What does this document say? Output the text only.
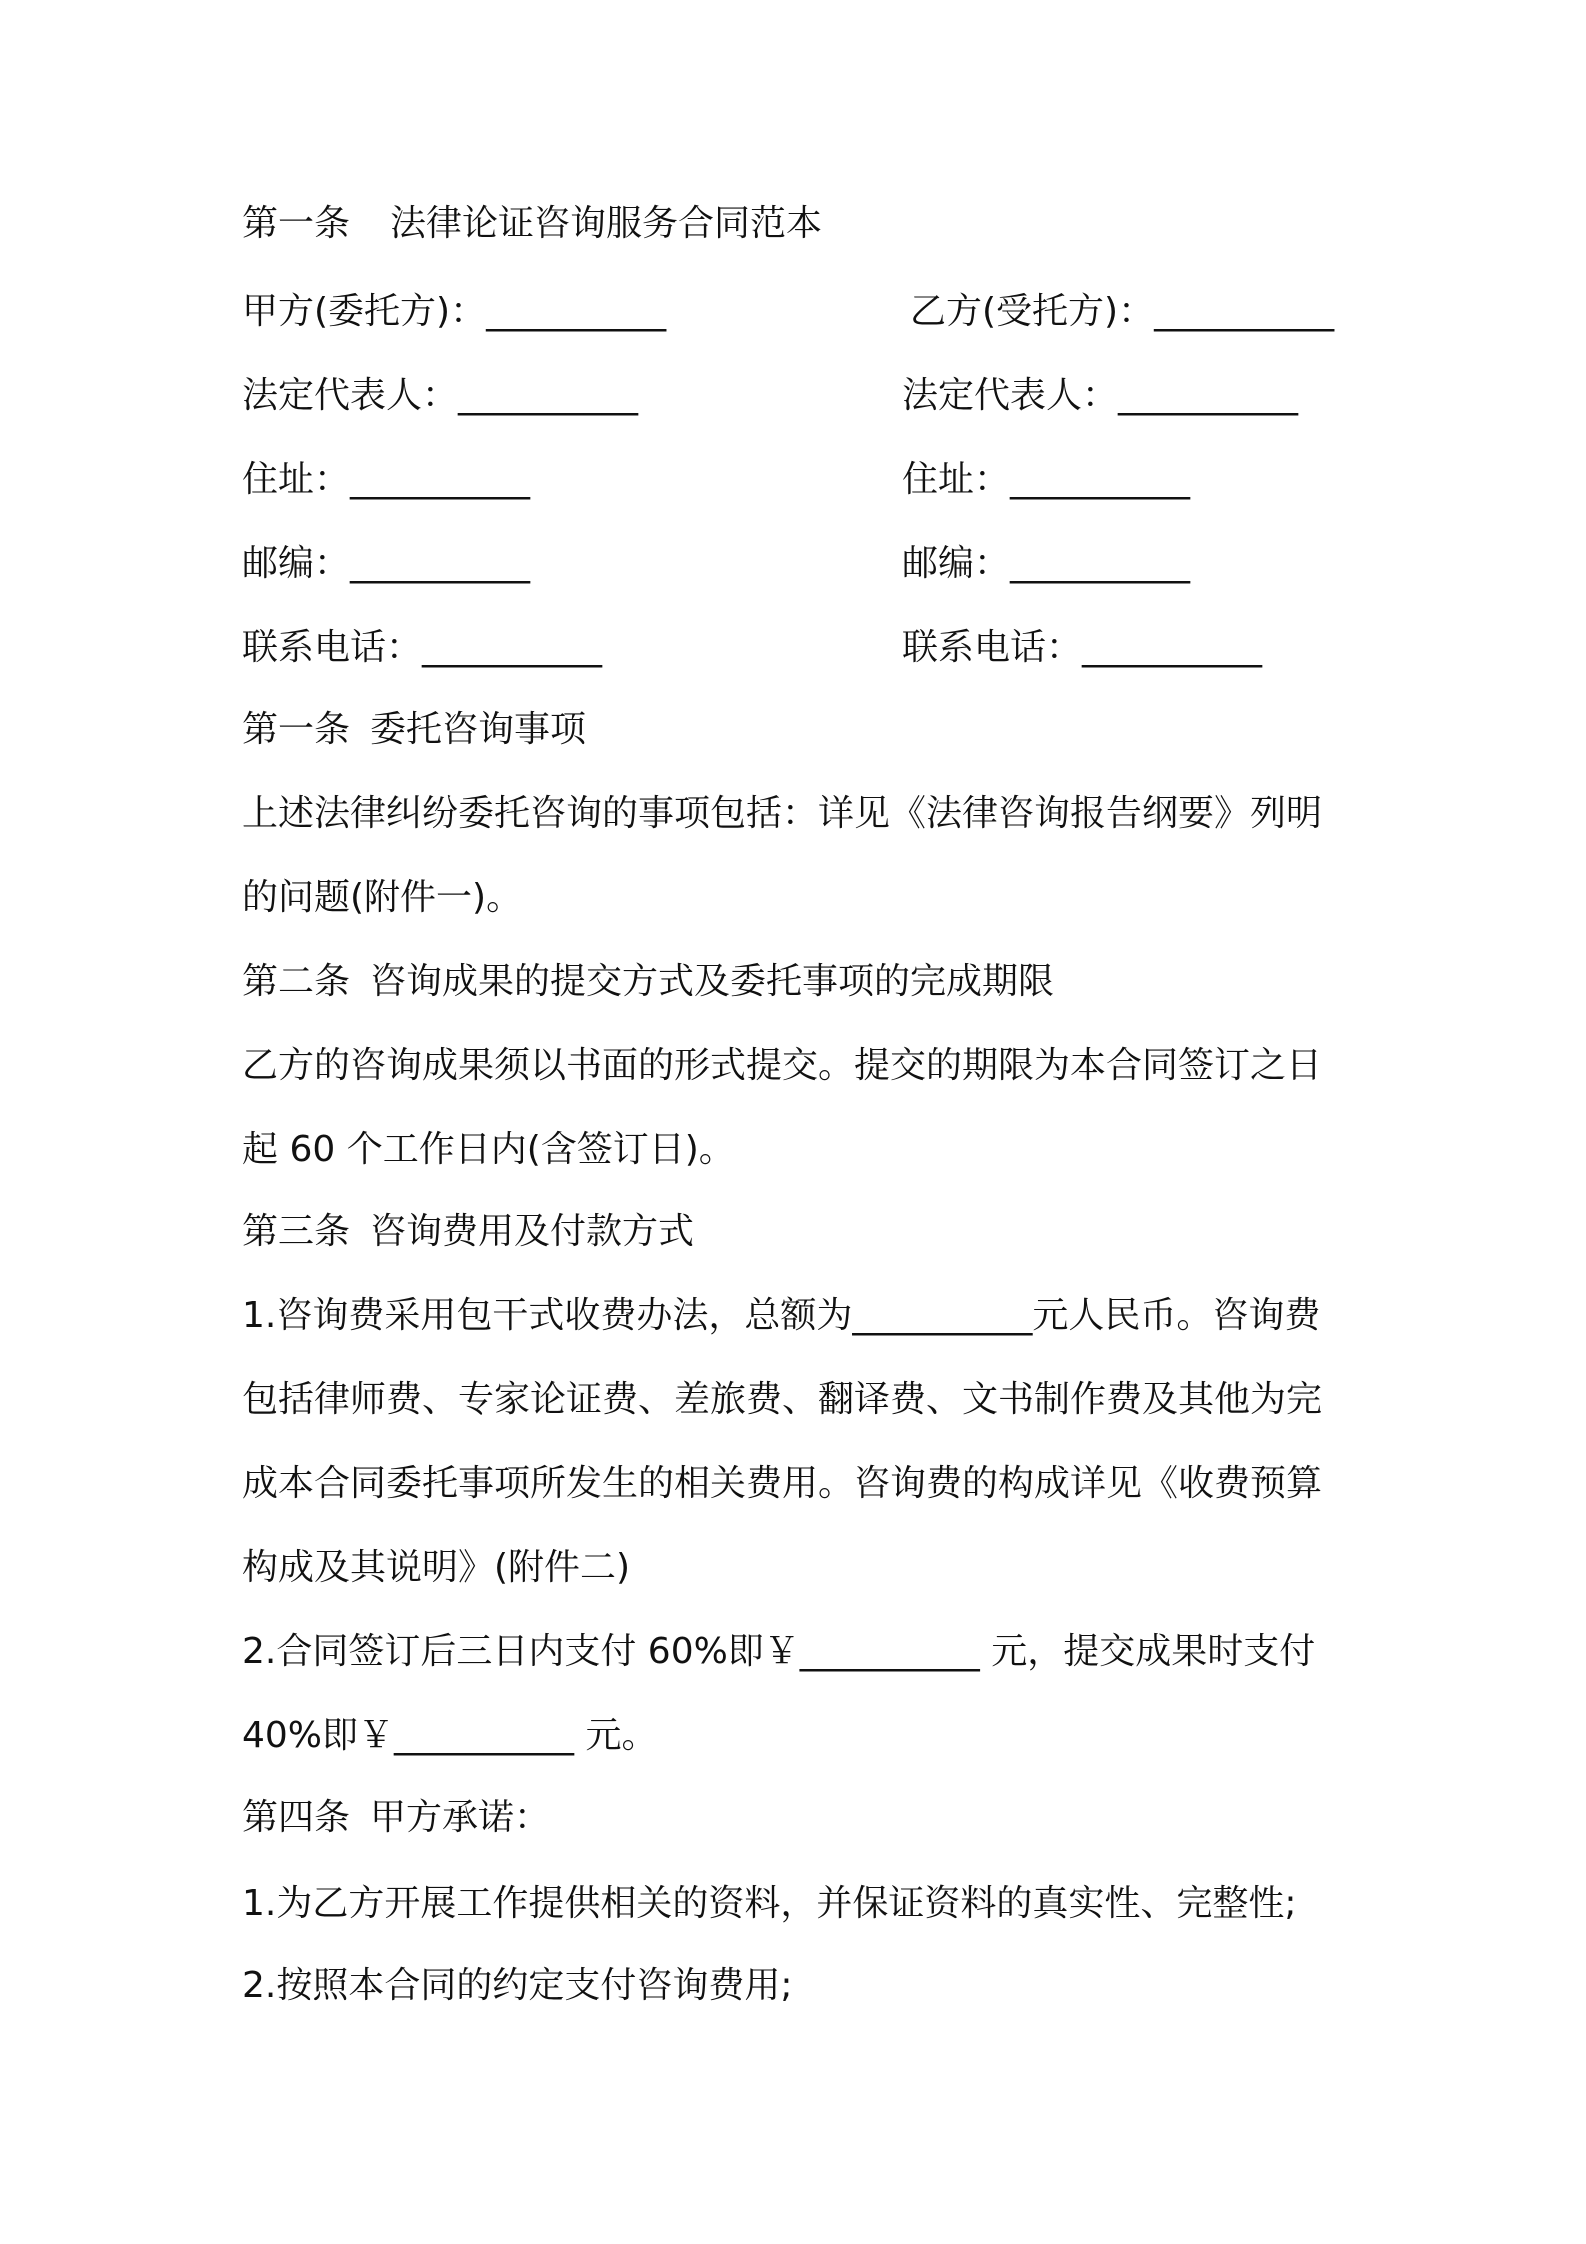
第一条 法律论证咨询服务合同范本
甲方(委托方)：__________	乙方(受托方)：__________
法定代表人：__________	法定代表人：__________
住址：__________	住址：__________
邮编：__________	邮编：__________
联系电话：__________	联系电话：__________
第一条 委托咨询事项
上述法律纠纷委托咨询的事项包括：详见《法律咨询报告纲要》列明
的问题(附件一)。
第二条 咨询成果的提交方式及委托事项的完成期限
乙方的咨询成果须以书面的形式提交。提交的期限为本合同签订之日
起 60 个工作日内(含签订日)。
第三条 咨询费用及付款方式
1.咨询费采用包干式收费办法，总额为__________元人民币。咨询费
包括律师费、专家论证费、差旅费、翻译费、文书制作费及其他为完
成本合同委托事项所发生的相关费用。咨询费的构成详见《收费预算
构成及其说明》(附件二)
2.合同签订后三日内支付 60%即￥__________ 元，提交成果时支付
40%即￥__________ 元。
第四条 甲方承诺：
1.为乙方开展工作提供相关的资料，并保证资料的真实性、完整性;
2.按照本合同的约定支付咨询费用;
